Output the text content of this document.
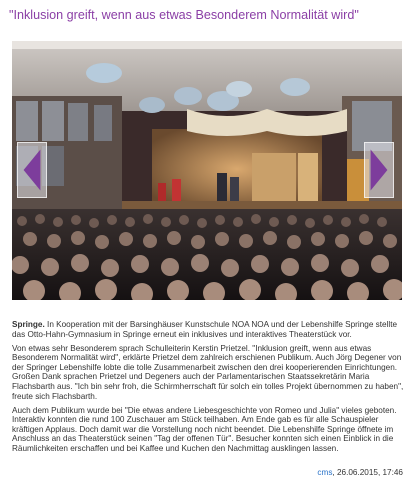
"Inklusion greift, wenn aus etwas Besonderem Normalität wird"

Springe. In Kooperation mit der Barsinghäuser Kunstschule NOA NOA und der Lebenshilfe Springe stellte das Otto-Hahn-Gymnasium in Springe erneut ein inklusives und interaktives Theaterstück vor.

Von etwas sehr Besonderem sprach Schulleiterin Kerstin Prietzel. "Inklusion greift, wenn aus etwas Besonderem Normalität wird", erklärte Prietzel dem zahlreich erschienen Publikum. Auch Jörg Degener von der Springer Lebenshilfe lobte die tolle Zusammenarbeit zwischen den drei kooperierenden Einrichtungen. Großen Dank sprachen Prietzel und Degeners auch der Parlamentarischen Staatssekretärin Maria Flachsbarth aus. "Ich bin sehr froh, die Schirmherrschaft für solch ein tolles Projekt übernommen zu haben", freute sich Flachsbarth.

Auch dem Publikum wurde bei "Die etwas andere Liebesgeschichte von Romeo und Julia" vieles geboten. Interaktiv konnten die rund 100 Zuschauer am Stück teilhaben. Am Ende gab es für alle Schauspieler kräftigen Applaus. Doch damit war die Vorstellung noch nicht beendet. Die Lebenshilfe Springe öffnete im Anschluss an das Theaterstück seinen "Tag der offenen Tür". Besucher konnten sich einen Einblick in die Räumlichkeiten erschaffen und bei Kaffee und Kuchen den Nachmittag ausklingen lassen.

cms, 26.06.2015, 17:46
